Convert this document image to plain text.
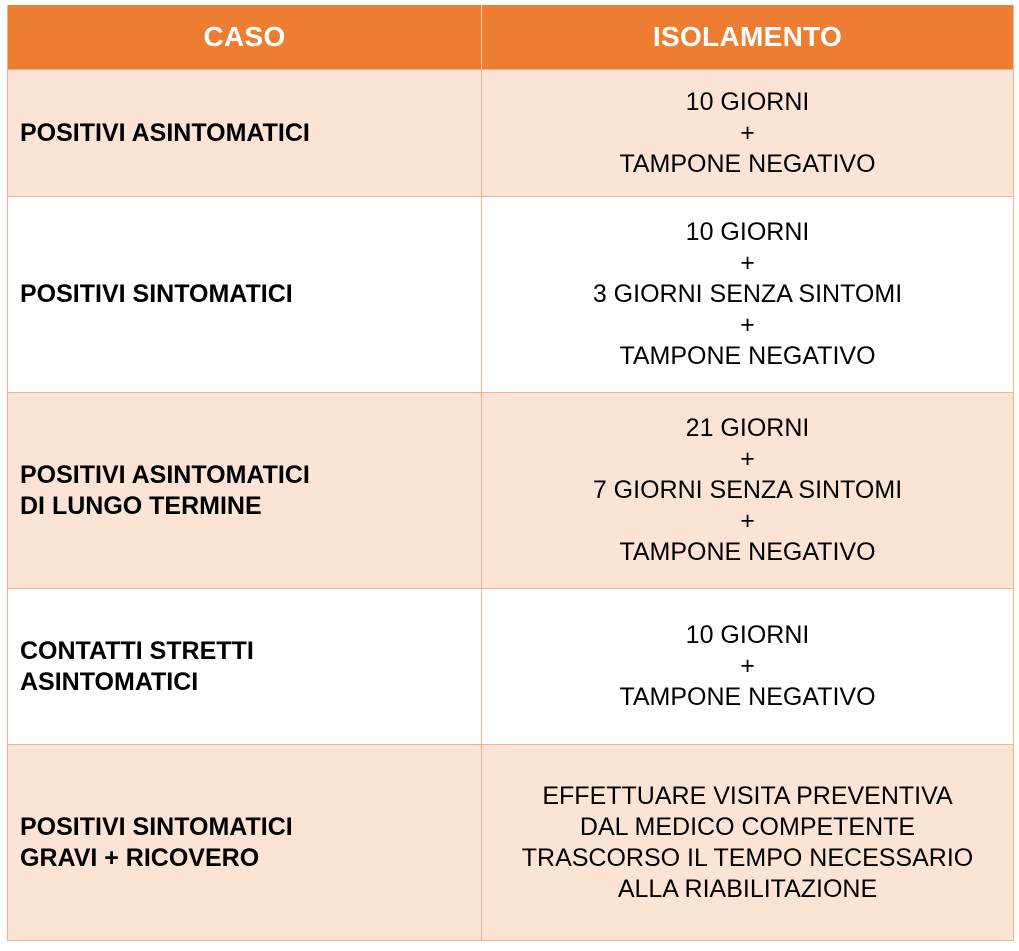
CASO	ISOLAMENTO

POSITIVI ASINTOMATICI	10 GIORNI
+
TAMPONE NEGATIVO

POSITIVI SINTOMATICI	10 GIORNI
+
3 GIORNI SENZA SINTOMI
+
TAMPONE NEGATIVO

POSITIVI ASINTOMATICI
DI LUNGO TERMINE	21 GIORNI
+
7 GIORNI SENZA SINTOMI
+
TAMPONE NEGATIVO

CONTATTI STRETTI
ASINTOMATICI	10 GIORNI
+
TAMPONE NEGATIVO

POSITIVI SINTOMATICI
GRAVI + RICOVERO	EFFETTUARE VISITA PREVENTIVA
DAL MEDICO COMPETENTE
TRASCORSO IL TEMPO NECESSARIO
ALLA RIABILITAZIONE
